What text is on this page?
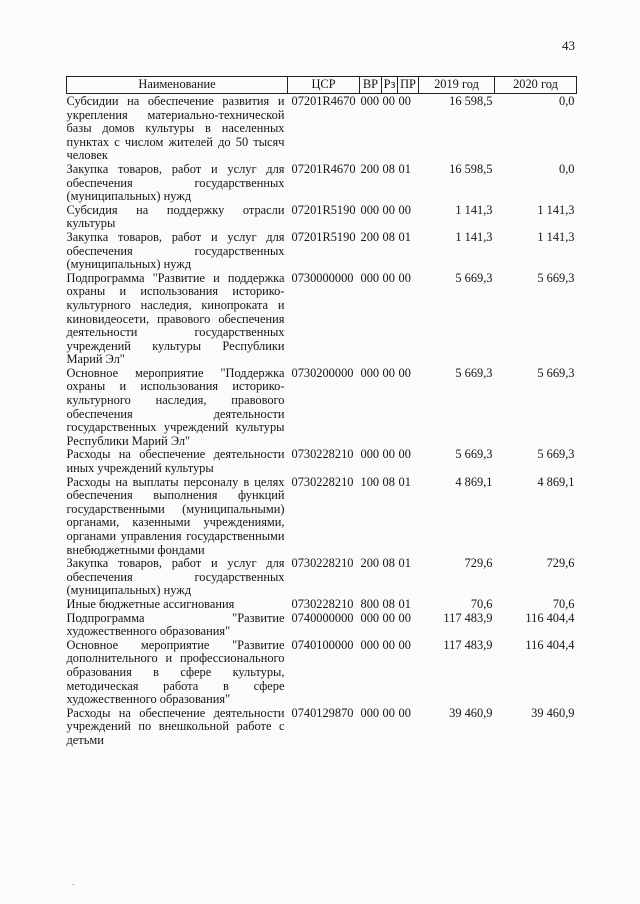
43
Наименование	ЦСР	ВР	Рз	ПР	2019 год	2020 год
Субсидии на обеспечение развития и укрепления материально-технической базы домов культуры в населенных пунктах с числом жителей до 50 тысяч человек	07201R4670	000	00	00	16 598,5	0,0
Закупка товаров, работ и услуг для обеспечения государственных (муниципальных) нужд	07201R4670	200	08	01	16 598,5	0,0
Субсидия на поддержку отрасли культуры	07201R5190	000	00	00	1 141,3	1 141,3
Закупка товаров, работ и услуг для обеспечения государственных (муниципальных) нужд	07201R5190	200	08	01	1 141,3	1 141,3
Подпрограмма "Развитие и поддержка охраны и использования историко-культурного наследия, кинопроката и киновидеосети, правового обеспечения деятельности государственных учреждений культуры Республики Марий Эл"	0730000000	000	00	00	5 669,3	5 669,3
Основное мероприятие "Поддержка охраны и использования историко-культурного наследия, правового обеспечения деятельности государственных учреждений культуры Республики Марий Эл"	0730200000	000	00	00	5 669,3	5 669,3
Расходы на обеспечение деятельности иных учреждений культуры	0730228210	000	00	00	5 669,3	5 669,3
Расходы на выплаты персоналу в целях обеспечения выполнения функций государственными (муниципальными) органами, казенными учреждениями, органами управления государственными внебюджетными фондами	0730228210	100	08	01	4 869,1	4 869,1
Закупка товаров, работ и услуг для обеспечения государственных (муниципальных) нужд	0730228210	200	08	01	729,6	729,6
Иные бюджетные ассигнования	0730228210	800	08	01	70,6	70,6
Подпрограмма "Развитие художественного образования"	0740000000	000	00	00	117 483,9	116 404,4
Основное мероприятие "Развитие дополнительного и профессионального образования в сфере культуры, методическая работа в сфере художественного образования"	0740100000	000	00	00	117 483,9	116 404,4
Расходы на обеспечение деятельности учреждений по внешкольной работе с детьми	0740129870	000	00	00	39 460,9	39 460,9
